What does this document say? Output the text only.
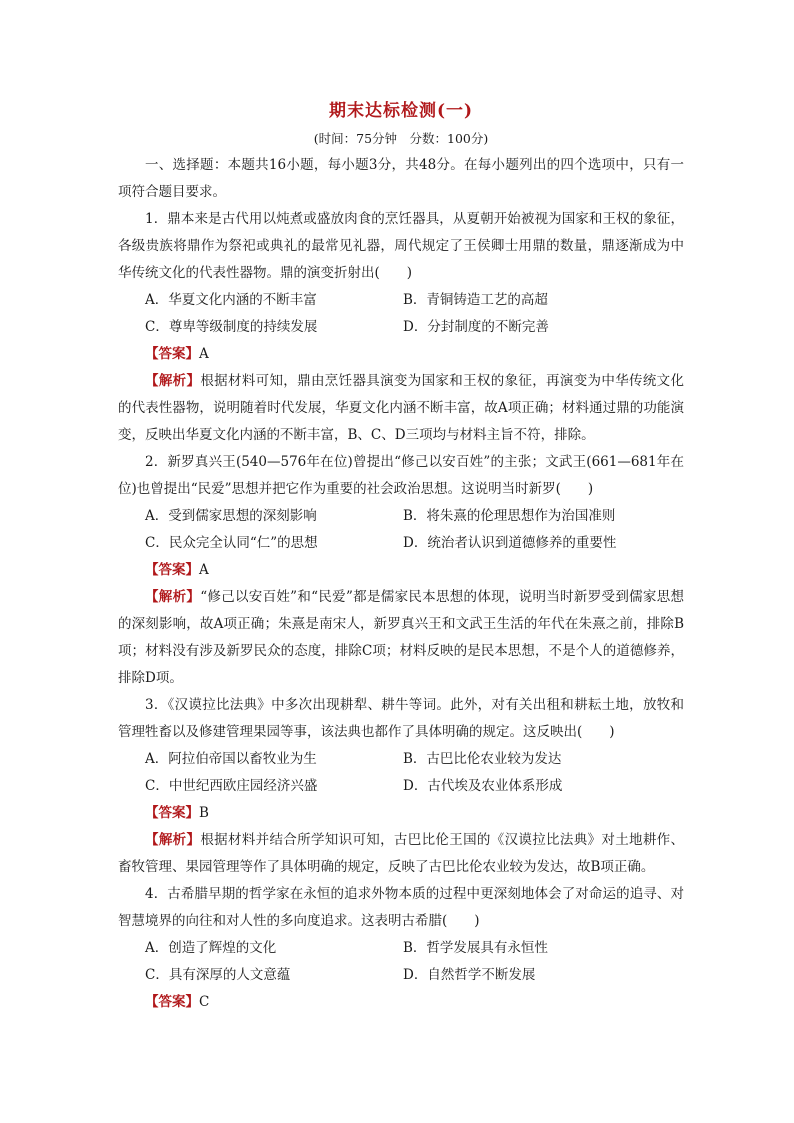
期末达标检测(一)
(时间：75分钟　分数：100分)

一、选择题：本题共16小题，每小题3分，共48分。在每小题列出的四个选项中，只有一项符合题目要求。

1．鼎本来是古代用以炖煮或盛放肉食的烹饪器具，从夏朝开始被视为国家和王权的象征，各级贵族将鼎作为祭祀或典礼的最常见礼器，周代规定了王侯卿士用鼎的数量，鼎逐渐成为中华传统文化的代表性器物。鼎的演变折射出(　　)

A．华夏文化内涵的不断丰富	B．青铜铸造工艺的高超
C．尊卑等级制度的持续发展	D．分封制度的不断完善
【答案】A

【解析】根据材料可知，鼎由烹饪器具演变为国家和王权的象征，再演变为中华传统文化的代表性器物，说明随着时代发展，华夏文化内涵不断丰富，故A项正确；材料通过鼎的功能演变，反映出华夏文化内涵的不断丰富，B、C、D三项均与材料主旨不符，排除。

2．新罗真兴王(540—576年在位)曾提出“修己以安百姓”的主张；文武王(661—681年在位)也曾提出“民爱”思想并把它作为重要的社会政治思想。这说明当时新罗(　　)

A．受到儒家思想的深刻影响	B．将朱熹的伦理思想作为治国准则
C．民众完全认同“仁”的思想	D．统治者认识到道德修养的重要性
【答案】A

【解析】“修己以安百姓”和“民爱”都是儒家民本思想的体现，说明当时新罗受到儒家思想的深刻影响，故A项正确；朱熹是南宋人，新罗真兴王和文武王生活的年代在朱熹之前，排除B项；材料没有涉及新罗民众的态度，排除C项；材料反映的是民本思想，不是个人的道德修养，排除D项。

3．《汉谟拉比法典》中多次出现耕犁、耕牛等词。此外，对有关出租和耕耘土地，放牧和管理牲畜以及修建管理果园等事，该法典也都作了具体明确的规定。这反映出(　　)

A．阿拉伯帝国以畜牧业为生	B．古巴比伦农业较为发达
C．中世纪西欧庄园经济兴盛	D．古代埃及农业体系形成
【答案】B

【解析】根据材料并结合所学知识可知，古巴比伦王国的《汉谟拉比法典》对土地耕作、畜牧管理、果园管理等作了具体明确的规定，反映了古巴比伦农业较为发达，故B项正确。

4．古希腊早期的哲学家在永恒的追求外物本质的过程中更深刻地体会了对命运的追寻、对智慧境界的向往和对人性的多向度追求。这表明古希腊(　　)

A．创造了辉煌的文化	B．哲学发展具有永恒性
C．具有深厚的人文意蕴	D．自然哲学不断发展
【答案】C
